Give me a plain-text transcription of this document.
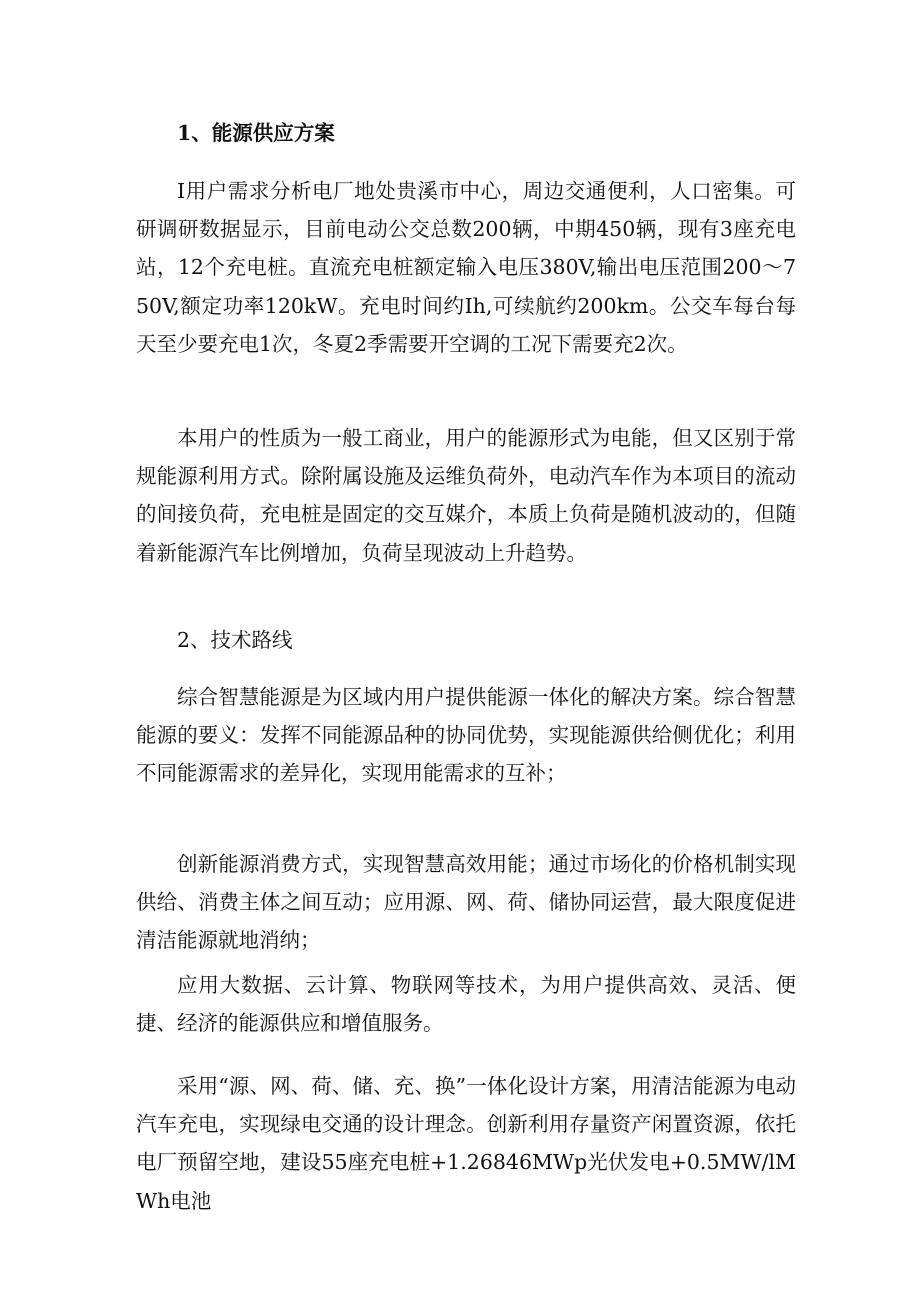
1、能源供应方案

I用户需求分析电厂地处贵溪市中心，周边交通便利，人口密集。可研调研数据显示，目前电动公交总数200辆，中期450辆，现有3座充电站，12个充电桩。直流充电桩额定输入电压380V,输出电压范围200～750V,额定功率120kW。充电时间约Ih,可续航约200km。公交车每台每天至少要充电1次，冬夏2季需要开空调的工况下需要充2次。

本用户的性质为一般工商业，用户的能源形式为电能，但又区别于常规能源利用方式。除附属设施及运维负荷外，电动汽车作为本项目的流动的间接负荷，充电桩是固定的交互媒介，本质上负荷是随机波动的，但随着新能源汽车比例增加，负荷呈现波动上升趋势。

2、技术路线

综合智慧能源是为区域内用户提供能源一体化的解决方案。综合智慧能源的要义：发挥不同能源品种的协同优势，实现能源供给侧优化；利用不同能源需求的差异化，实现用能需求的互补；

创新能源消费方式，实现智慧高效用能；通过市场化的价格机制实现供给、消费主体之间互动；应用源、网、荷、储协同运营，最大限度促进清洁能源就地消纳；

应用大数据、云计算、物联网等技术，为用户提供高效、灵活、便捷、经济的能源供应和增值服务。

采用“源、网、荷、储、充、换”一体化设计方案，用清洁能源为电动汽车充电，实现绿电交通的设计理念。创新利用存量资产闲置资源，依托电厂预留空地，建设55座充电桩+1.26846MWp光伏发电+0.5MW/lMWh电池
